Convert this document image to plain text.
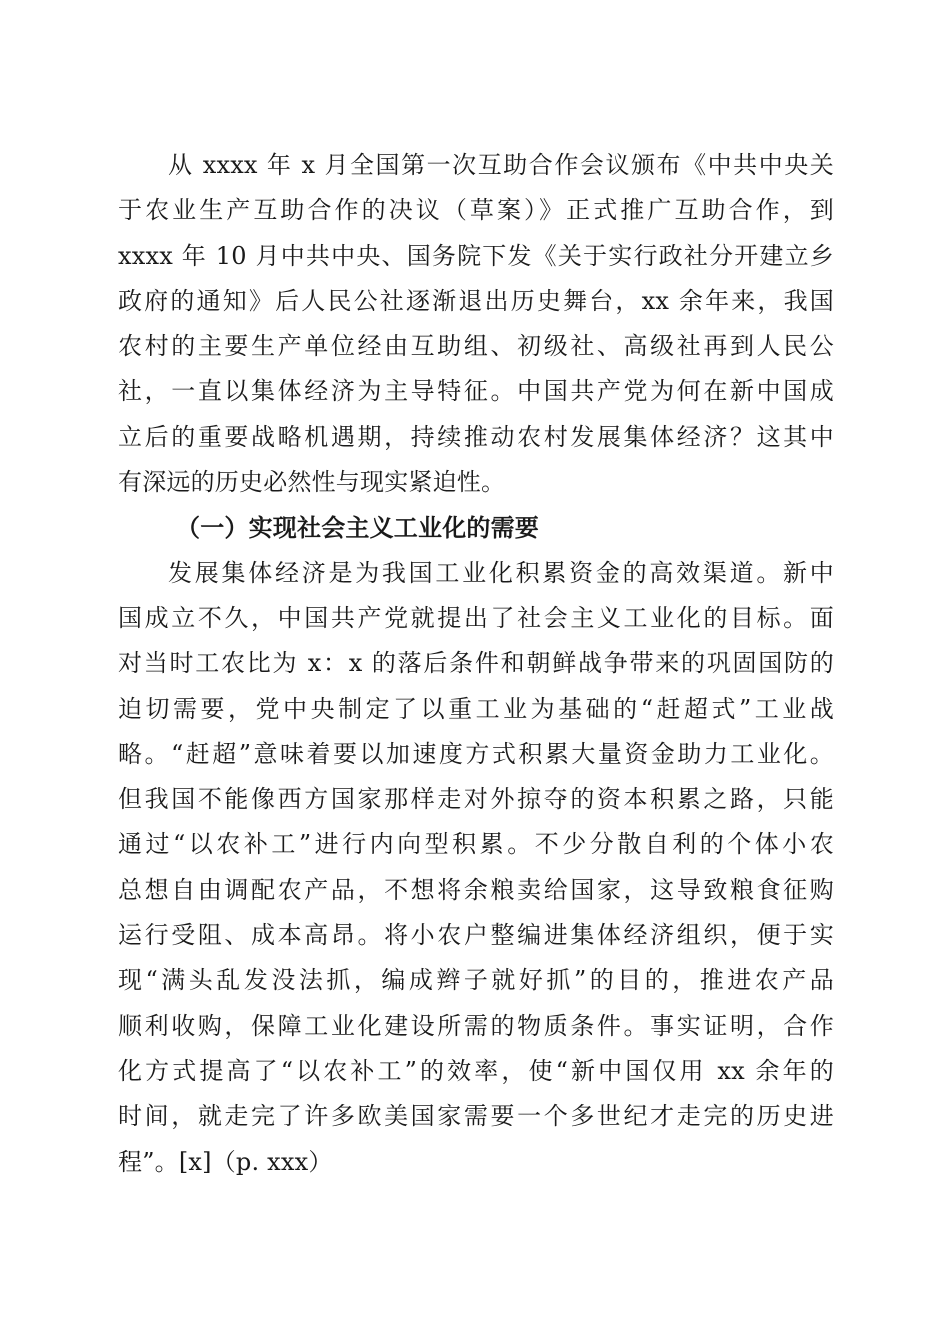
从 xxxx 年 x 月全国第一次互助合作会议颁布《中共中央关
于农业生产互助合作的决议（草案）》正式推广互助合作，到
xxxx 年 10 月中共中央、国务院下发《关于实行政社分开建立乡
政府的通知》后人民公社逐渐退出历史舞台，xx 余年来，我国
农村的主要生产单位经由互助组、初级社、高级社再到人民公
社，一直以集体经济为主导特征。中国共产党为何在新中国成
立后的重要战略机遇期，持续推动农村发展集体经济？这其中
有深远的历史必然性与现实紧迫性。
（一）实现社会主义工业化的需要
发展集体经济是为我国工业化积累资金的高效渠道。新中
国成立不久，中国共产党就提出了社会主义工业化的目标。面
对当时工农比为 x：x 的落后条件和朝鲜战争带来的巩固国防的
迫切需要，党中央制定了以重工业为基础的“赶超式”工业战
略。“赶超”意味着要以加速度方式积累大量资金助力工业化。
但我国不能像西方国家那样走对外掠夺的资本积累之路，只能
通过“以农补工”进行内向型积累。不少分散自利的个体小农
总想自由调配农产品，不想将余粮卖给国家，这导致粮食征购
运行受阻、成本高昂。将小农户整编进集体经济组织，便于实
现“满头乱发没法抓，编成辫子就好抓”的目的，推进农产品
顺利收购，保障工业化建设所需的物质条件。事实证明，合作
化方式提高了“以农补工”的效率，使“新中国仅用 xx 余年的
时间，就走完了许多欧美国家需要一个多世纪才走完的历史进
程”。[x]（p. xxx）
